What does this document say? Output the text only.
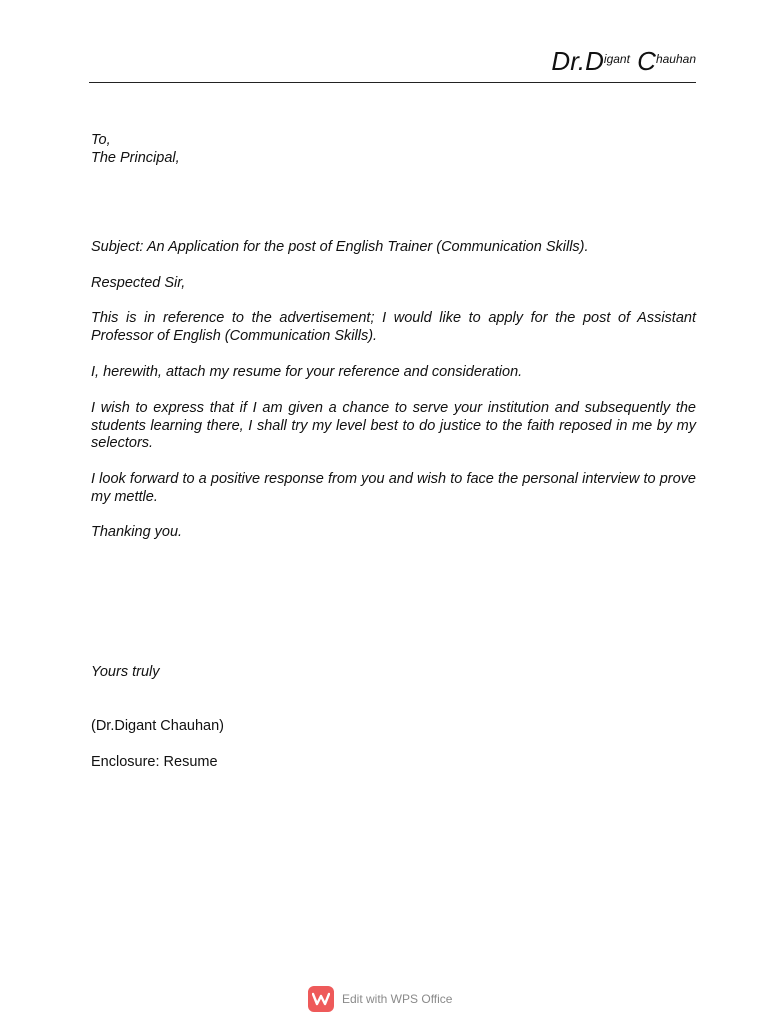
$Dr.D^{igant}$ $C^{hauhan}$
To,
The Principal,
Subject: An Application for the post of English Trainer (Communication Skills).
Respected Sir,
This is in reference to the advertisement; I would like to apply for the post of Assistant Professor of English (Communication Skills).
I, herewith, attach my resume for your reference and consideration.
I wish to express that if I am given a chance to serve your institution and subsequently the students learning there, I shall try my level best to do justice to the faith reposed in me by my selectors.
I look forward to a positive response from you and wish to face the personal interview to prove my mettle.
Thanking you.
Yours truly
(Dr.Digant Chauhan)
Enclosure: Resume
Edit with WPS Office
